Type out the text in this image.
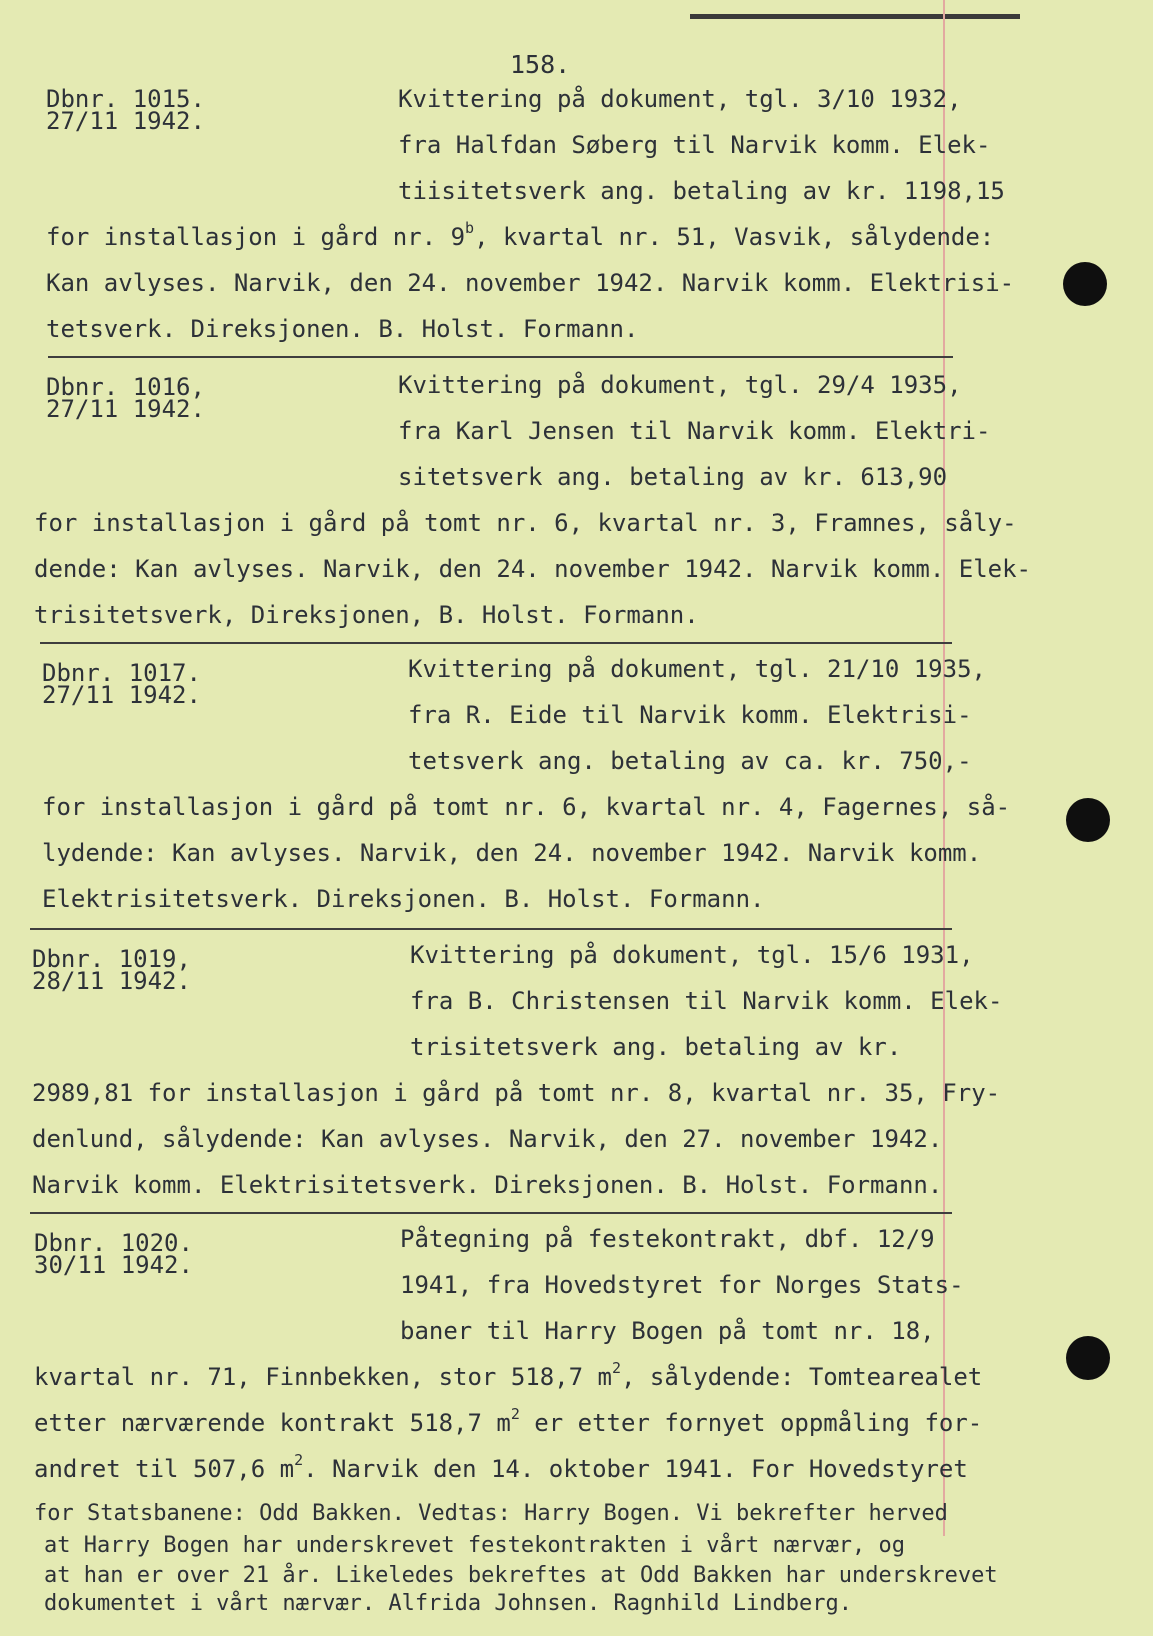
158.
Dbnr. 1015.
27/11 1942.
Kvittering på dokument, tgl. 3/10 1932,
fra Halfdan Søberg til Narvik komm. Elek-
tiisitetsverk ang. betaling av kr. 1198,15
for installasjon i gård nr. 9$^b$, kvartal nr. 51, Vasvik, sålydende:
Kan avlyses. Narvik, den 24. november 1942. Narvik komm. Elektrisi-
tetsverk. Direksjonen. B. Holst. Formann.
Dbnr. 1016,
27/11 1942.
Kvittering på dokument, tgl. 29/4 1935,
fra Karl Jensen til Narvik komm. Elektri-
sitetsverk ang. betaling av kr. 613,90
for installasjon i gård på tomt nr. 6, kvartal nr. 3, Framnes, såly-
dende: Kan avlyses. Narvik, den 24. november 1942. Narvik komm. Elek-
trisitetsverk, Direksjonen, B. Holst. Formann.
Dbnr. 1017.
27/11 1942.
Kvittering på dokument, tgl. 21/10 1935,
fra R. Eide til Narvik komm. Elektrisi-
tetsverk ang. betaling av ca. kr. 750,-
for installasjon i gård på tomt nr. 6, kvartal nr. 4, Fagernes, så-
lydende: Kan avlyses. Narvik, den 24. november 1942. Narvik komm.
Elektrisitetsverk. Direksjonen. B. Holst. Formann.
Dbnr. 1019,
28/11 1942.
Kvittering på dokument, tgl. 15/6 1931,
fra B. Christensen til Narvik komm. Elek-
trisitetsverk ang. betaling av kr.
2989,81 for installasjon i gård på tomt nr. 8, kvartal nr. 35, Fry-
denlund, sålydende: Kan avlyses. Narvik, den 27. november 1942.
Narvik komm. Elektrisitetsverk. Direksjonen. B. Holst. Formann.
Dbnr. 1020.
30/11 1942.
Påtegning på festekontrakt, dbf. 12/9
1941, fra Hovedstyret for Norges Stats-
baner til Harry Bogen på tomt nr. 18,
kvartal nr. 71, Finnbekken, stor 518,7 $m^2$, sålydende: Tomtearealet
etter nærværende kontrakt 518,7 $m^2$ er etter fornyet oppmåling for-
andret til 507,6 $m^2$. Narvik den 14. oktober 1941. For Hovedstyret
for Statsbanene: Odd Bakken. Vedtas: Harry Bogen. Vi bekrefter herved
at Harry Bogen har underskrevet festekontrakten i vårt nærvær, og
at han er over 21 år. Likeledes bekreftes at Odd Bakken har underskrevet
dokumentet i vårt nærvær. Alfrida Johnsen. Ragnhild Lindberg.
